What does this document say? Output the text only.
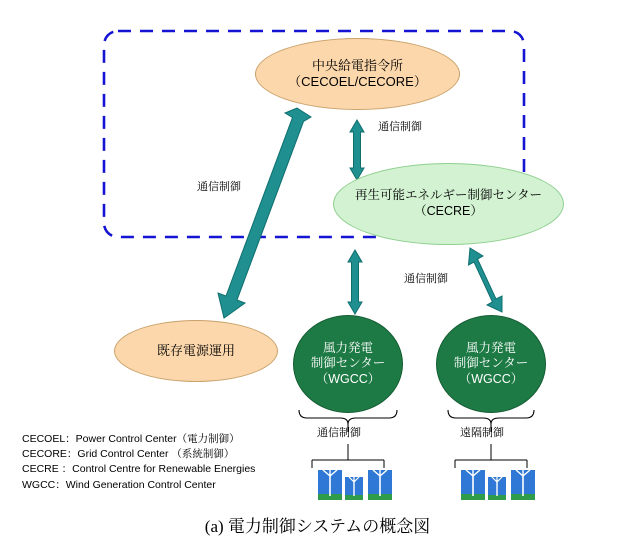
中央給電指令所
（CECOEL/CECORE）
再生可能エネルギー制御センター
（CECRE）
既存電源運用	風力発電
制御センター
（WGCC）
風力発電
制御センター
（WGCC）
通信制御
通信制御
通信制御
通信制御	遠隔制御
CECOEL：Power Control Center（電力制御）
CECORE：Grid Control Center （系統制御）
CECRE ：Control Centre for Renewable Energies
WGCC：Wind Generation Control Center
(a) 電力制御システムの概念図
